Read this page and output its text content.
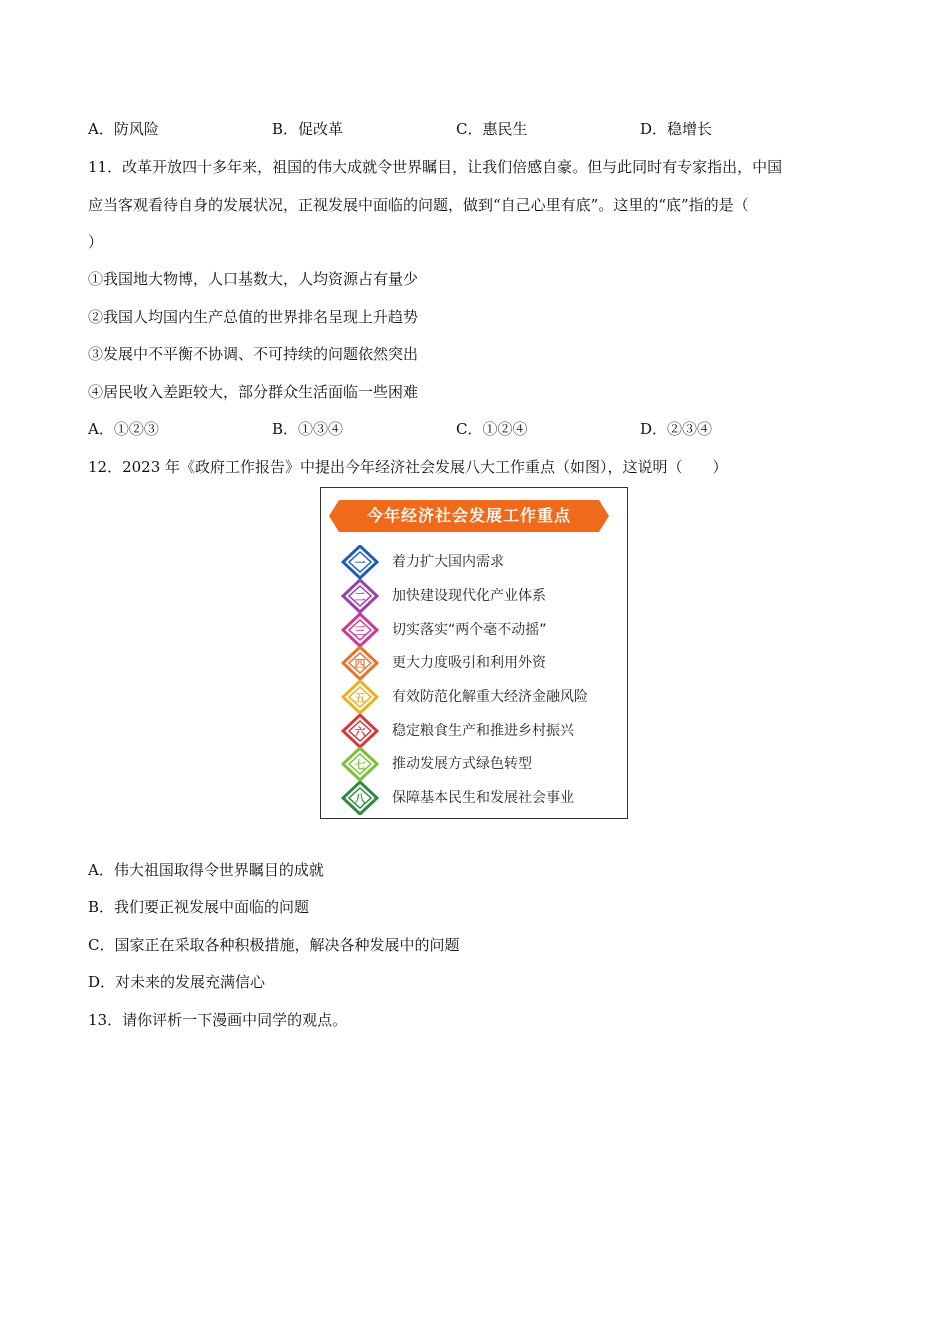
A．防风险	B．促改革	C．惠民生	D．稳增长
11．改革开放四十多年来，祖国的伟大成就令世界瞩目，让我们倍感自豪。但与此同时有专家指出，中国
应当客观看待自身的发展状况，正视发展中面临的问题，做到“自己心里有底”。这里的“底”指的是（
）
①我国地大物博，人口基数大，人均资源占有量少
②我国人均国内生产总值的世界排名呈现上升趋势
③发展中不平衡不协调、不可持续的问题依然突出
④居民收入差距较大，部分群众生活面临一些困难
A．①②③	B．①③④	C．①②④	D．②③④
12．2023 年《政府工作报告》中提出今年经济社会发展八大工作重点（如图），这说明（　　）
今年经济社会发展工作重点
一 着力扩大国内需求
二 加快建设现代化产业体系
三 切实落实“两个毫不动摇”
四 更大力度吸引和利用外资
五 有效防范化解重大经济金融风险
六 稳定粮食生产和推进乡村振兴
七 推动发展方式绿色转型
八 保障基本民生和发展社会事业
A．伟大祖国取得令世界瞩目的成就
B．我们要正视发展中面临的问题
C．国家正在采取各种积极措施，解决各种发展中的问题
D．对未来的发展充满信心
13．请你评析一下漫画中同学的观点。
